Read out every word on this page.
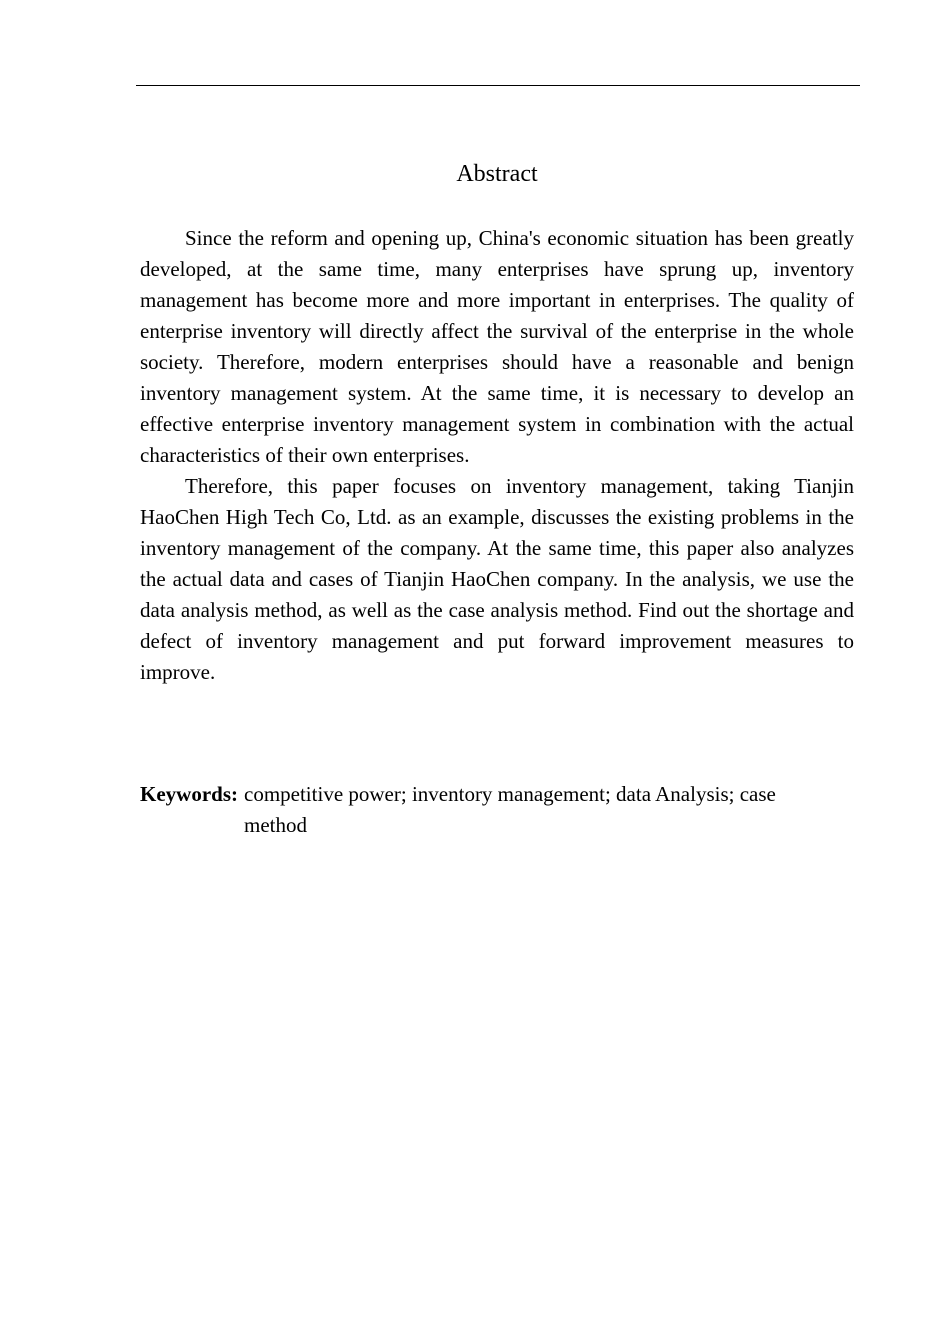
Abstract

Since the reform and opening up, China's economic situation has been greatly developed, at the same time, many enterprises have sprung up, inventory management has become more and more important in enterprises. The quality of enterprise inventory will directly affect the survival of the enterprise in the whole society. Therefore, modern enterprises should have a reasonable and benign inventory management system. At the same time, it is necessary to develop an effective enterprise inventory management system in combination with the actual characteristics of their own enterprises.

Therefore, this paper focuses on inventory management, taking Tianjin HaoChen High Tech Co, Ltd. as an example, discusses the existing problems in the inventory management of the company. At the same time, this paper also analyzes the actual data and cases of Tianjin HaoChen company. In the analysis, we use the data analysis method, as well as the case analysis method. Find out the shortage and defect of inventory management and put forward improvement measures to improve.

Keywords: competitive power; inventory management; data Analysis; case method
